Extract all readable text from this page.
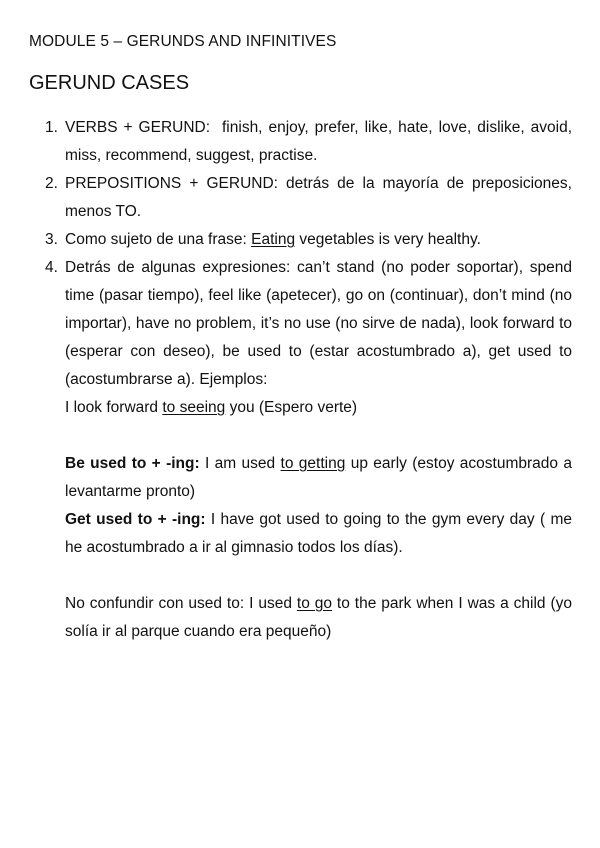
MODULE 5 – GERUNDS AND INFINITIVES
GERUND CASES
1. VERBS + GERUND: finish, enjoy, prefer, like, hate, love, dislike, avoid, miss, recommend, suggest, practise.
2. PREPOSITIONS + GERUND: detrás de la mayoría de preposiciones, menos TO.
3. Como sujeto de una frase: Eating vegetables is very healthy.
4. Detrás de algunas expresiones: can’t stand (no poder soportar), spend time (pasar tiempo), feel like (apetecer), go on (continuar), don’t mind (no importar), have no problem, it’s no use (no sirve de nada), look forward to (esperar con deseo), be used to (estar acostumbrado a), get used to (acostumbrarse a). Ejemplos:
I look forward to seeing you (Espero verte)
Be used to + -ing: I am used to getting up early (estoy acostumbrado a levantarme pronto)
Get used to + -ing: I have got used to going to the gym every day ( me he acostumbrado a ir al gimnasio todos los días).
No confundir con used to: I used to go to the park when I was a child (yo solía ir al parque cuando era pequeño)
